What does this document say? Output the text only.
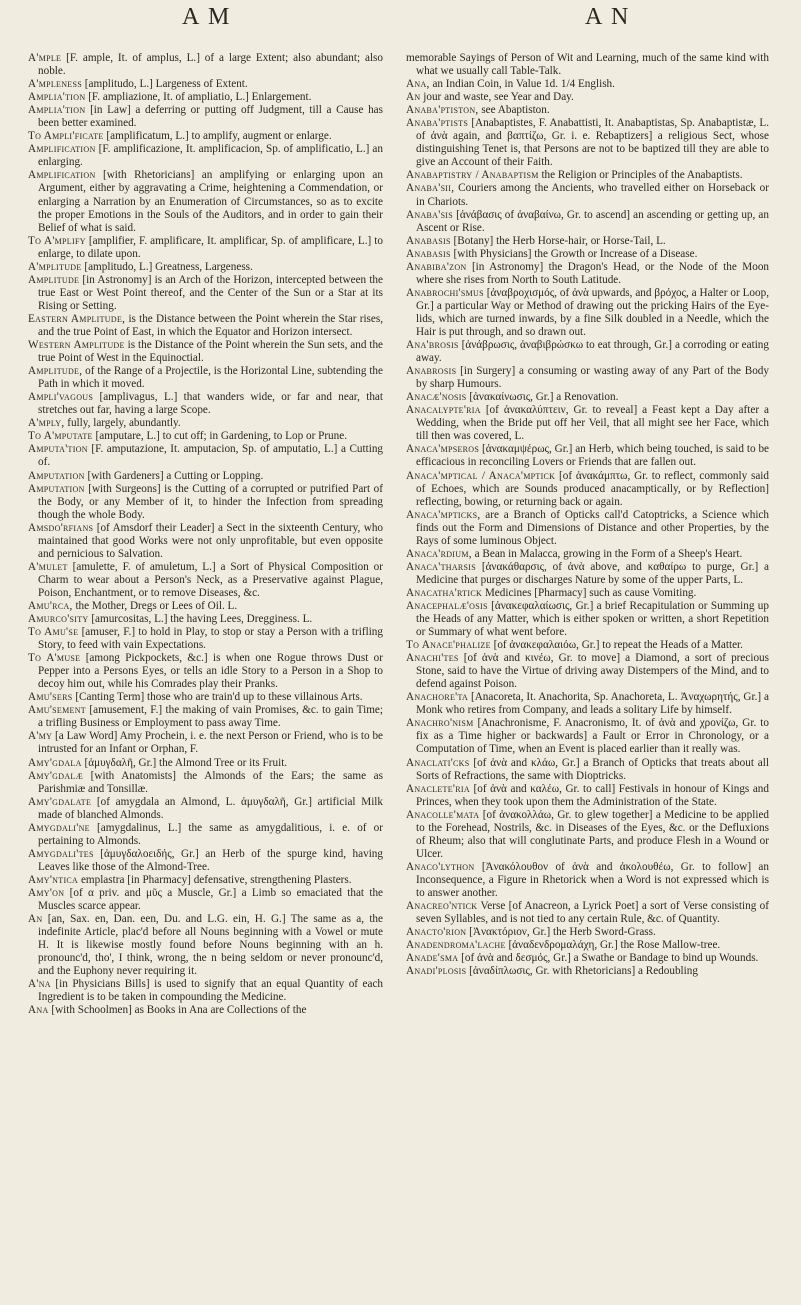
A M	A N

A'mple [F. ample, It. of amplus, L.] of a large Extent; also abundant; also noble.

A'mpleness [amplitudo, L.] Largeness of Extent.

Amplia'tion [F. ampliazione, It. of ampliatio, L.] Enlargement.

Amplia'tion [in Law] a deferring or putting off Judgment, till a Cause has been better examined.

To Ampli'ficate [amplificatum, L.] to amplify, augment or enlarge.

Amplification [F. amplificazione, It. amplificacion, Sp. of amplificatio, L.] an enlarging.

Amplification [with Rhetoricians] an amplifying or enlarging upon an Argument, either by aggravating a Crime, heightening a Commendation, or enlarging a Narration by an Enumeration of Circumstances, so as to excite the proper Emotions in the Souls of the Auditors, and in order to gain their Belief of what is said.

To A'mplify [amplifier, F. amplificare, It. amplificar, Sp. of amplificare, L.] to enlarge, to dilate upon.

A'mplitude [amplitudo, L.] Greatness, Largeness.

Amplitude [in Astronomy] is an Arch of the Horizon, intercepted between the true East or West Point thereof, and the Center of the Sun or a Star at its Rising or Setting.

Eastern Amplitude, is the Distance between the Point wherein the Star rises, and the true Point of East, in which the Equator and Horizon intersect.

Western Amplitude is the Distance of the Point wherein the Sun sets, and the true Point of West in the Equinoctial.

Amplitude, of the Range of a Projectile, is the Horizontal Line, subtending the Path in which it moved.

Ampli'vagous [amplivagus, L.] that wanders wide, or far and near, that stretches out far, having a large Scope.

A'mply, fully, largely, abundantly.

To A'mputate [amputare, L.] to cut off; in Gardening, to Lop or Prune.

Amputa'tion [F. amputazione, It. amputacion, Sp. of amputatio, L.] a Cutting of.

Amputation [with Gardeners] a Cutting or Lopping.

Amputation [with Surgeons] is the Cutting of a corrupted or putrified Part of the Body, or any Member of it, to hinder the Infection from spreading though the whole Body.

Amsdo'rfians [of Amsdorf their Leader] a Sect in the sixteenth Century, who maintained that good Works were not only unprofitable, but even opposite and pernicious to Salvation.

A'mulet [amulette, F. of amuletum, L.] a Sort of Physical Composition or Charm to wear about a Person's Neck, as a Preservative against Plague, Poison, Enchantment, or to remove Diseases, &c.

Amu'rca, the Mother, Dregs or Lees of Oil. L.

Amurco'sity [amurcositas, L.] the having Lees, Dregginess. L.

To Amu'se [amuser, F.] to hold in Play, to stop or stay a Person with a trifling Story, to feed with vain Expectations.

To A'muse [among Pickpockets, &c.] is when one Rogue throws Dust or Pepper into a Persons Eyes, or tells an idle Story to a Person in a Shop to decoy him out, while his Comrades play their Pranks.

Amu'sers [Canting Term] those who are train'd up to these villainous Arts.

Amu'sement [amusement, F.] the making of vain Promises, &c. to gain Time; a trifling Business or Employment to pass away Time.

A'my [a Law Word] Amy Prochein, i. e. the next Person or Friend, who is to be intrusted for an Infant or Orphan, F.

Amy'gdala [ἀμυγδαλῆ, Gr.] the Almond Tree or its Fruit.

Amy'gdalæ [with Anatomists] the Almonds of the Ears; the same as Parishmiæ and Tonsillæ.

Amy'gdalate [of amygdala an Almond, L. ἀμυγδαλῆ, Gr.] artificial Milk made of blanched Almonds.

Amygdali'ne [amygdalinus, L.] the same as amygdalitious, i. e. of or pertaining to Almonds.

Amygdali'tes [ἀμυγδαλοειδής, Gr.] an Herb of the spurge kind, having Leaves like those of the Almond-Tree.

Amy'ntica emplastra [in Pharmacy] defensative, strengthening Plasters.

Amy'on [of α priv. and μῦς a Muscle, Gr.] a Limb so emaciated that the Muscles scarce appear.

An [an, Sax. en, Dan. een, Du. and L.G. ein, H. G.] The same as a, the indefinite Article, plac'd before all Nouns beginning with a Vowel or mute H. It is likewise mostly found before Nouns beginning with an h. pronounc'd, tho', I think, wrong, the n being seldom or never pronounc'd, and the Euphony never requiring it.

A'na [in Physicians Bills] is used to signify that an equal Quantity of each Ingredient is to be taken in compounding the Medicine.

Ana [with Schoolmen] as Books in Ana are Collections of the

memorable Sayings of Person of Wit and Learning, much of the same kind with what we usually call Table-Talk.

Ana, an Indian Coin, in Value 1d. 1/4 English.

An jour and waste, see Year and Day.

Anaba'ptiston, see Abaptiston.

Anaba'ptists [Anabaptistes, F. Anabattisti, It. Anabaptistas, Sp. Anabaptistæ, L. of ἀνὰ again, and βαπτίζω, Gr. i. e. Rebaptizers] a religious Sect, whose distinguishing Tenet is, that Persons are not to be baptized till they are able to give an Account of their Faith.

Anabaptistry / Anabaptism the Religion or Principles of the Anabaptists.

Anaba'sii, Couriers among the Ancients, who travelled either on Horseback or in Chariots.

Anaba'sis [ἀνάβασις of ἀναβαίνω, Gr. to ascend] an ascending or getting up, an Ascent or Rise.

Anabasis [Botany] the Herb Horse-hair, or Horse-Tail, L.

Anabasis [with Physicians] the Growth or Increase of a Disease.

Anabiba'zon [in Astronomy] the Dragon's Head, or the Node of the Moon where she rises from North to South Latitude.

Anabrochi'smus [ἀναβροχισμός, of ἀνὰ upwards, and βρόχος, a Halter or Loop, Gr.] a particular Way or Method of drawing out the pricking Hairs of the Eye-lids, which are turned inwards, by a fine Silk doubled in a Needle, which the Hair is put through, and so drawn out.

Ana'brosis [ἀνάβρωσις, ἀναβιβρώσκω to eat through, Gr.] a corroding or eating away.

Anabrosis [in Surgery] a consuming or wasting away of any Part of the Body by sharp Humours.

Anacæ'nosis [ἀνακαίνωσις, Gr.] a Renovation.

Anacalypte'ria [of ἀνακαλύπτειν, Gr. to reveal] a Feast kept a Day after a Wedding, when the Bride put off her Veil, that all might see her Face, which till then was covered, L.

Anaca'mpseros [ἀνακαμψέρως, Gr.] an Herb, which being touched, is said to be efficacious in reconciling Lovers or Friends that are fallen out.

Anaca'mptical / Anaca'mptick [of ἀνακάμπτω, Gr. to reflect, commonly said of Echoes, which are Sounds produced anacamptically, or by Reflection] reflecting, bowing, or returning back or again.

Anaca'mpticks, are a Branch of Opticks call'd Catoptricks, a Science which finds out the Form and Dimensions of Distance and other Properties, by the Rays of some luminous Object.

Anaca'rdium, a Bean in Malacca, growing in the Form of a Sheep's Heart.

Anaca'tharsis [ἀνακάθαρσις, of ἀνὰ above, and καθαίρω to purge, Gr.] a Medicine that purges or discharges Nature by some of the upper Parts, L.

Anacatha'rtick Medicines [Pharmacy] such as cause Vomiting.

Anacephalæ'osis [ἀνακεφαλαίωσις, Gr.] a brief Recapitulation or Summing up the Heads of any Matter, which is either spoken or written, a short Repetition or Summary of what went before.

To Anace'phalize [of ἀνακεφαλαιόω, Gr.] to repeat the Heads of a Matter.

Anachi'tes [of ἀνὰ and κινέω, Gr. to move] a Diamond, a sort of precious Stone, said to have the Virtue of driving away Distempers of the Mind, and to defend against Poison.

Anachore'ta [Anacoreta, It. Anachorita, Sp. Anachoreta, L. Ἀναχωρητής, Gr.] a Monk who retires from Company, and leads a solitary Life by himself.

Anachro'nism [Anachronisme, F. Anacronismo, It. of ἀνὰ and χρονίζω, Gr. to fix as a Time higher or backwards] a Fault or Error in Chronology, or a Computation of Time, when an Event is placed earlier than it really was.

Anaclati'cks [of ἀνὰ and κλάω, Gr.] a Branch of Opticks that treats about all Sorts of Refractions, the same with Dioptricks.

Anaclete'ria [of ἀνὰ and καλέω, Gr. to call] Festivals in honour of Kings and Princes, when they took upon them the Administration of the State.

Anacolle'mata [of ἀνακολλάω, Gr. to glew together] a Medicine to be applied to the Forehead, Nostrils, &c. in Diseases of the Eyes, &c. or the Defluxions of Rheum; also that will conglutinate Parts, and produce Flesh in a Wound or Ulcer.

Anaco'lython [Ἀνακόλουθον of ἀνὰ and ἀκολουθέω, Gr. to follow] an Inconsequence, a Figure in Rhetorick when a Word is not expressed which is to answer another.

Anacreo'ntick Verse [of Anacreon, a Lyrick Poet] a sort of Verse consisting of seven Syllables, and is not tied to any certain Rule, &c. of Quantity.

Anacto'rion [Ἀνακτόριον, Gr.] the Herb Sword-Grass.

Anadendroma'lache [ἀναδενδρομαλάχη, Gr.] the Rose Mallow-tree.

Anade'sma [of ἀνὰ and δεσμός, Gr.] a Swathe or Bandage to bind up Wounds.

Anadi'plosis [ἀναδίπλωσις, Gr. with Rhetoricians] a Redoubling
